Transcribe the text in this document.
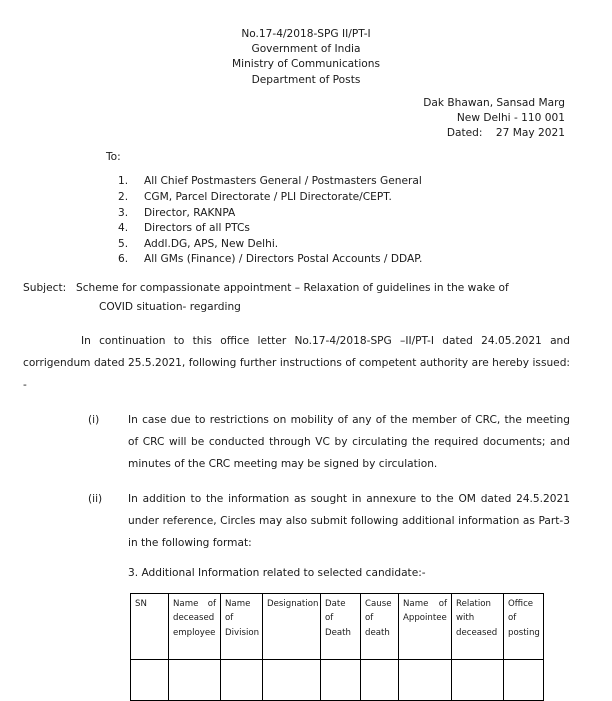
No.17-4/2018-SPG II/PT-I
Government of India
Ministry of Communications
Department of Posts
Dak Bhawan, Sansad Marg
New Delhi - 110 001
Dated:    27 May 2021
To:
1.	All Chief Postmasters General / Postmasters General
2.	CGM, Parcel Directorate / PLI Directorate/CEPT.
3.	Director, RAKNPA
4.	Directors of all PTCs
5.	Addl.DG, APS, New Delhi.
6.	All GMs (Finance) / Directors Postal Accounts / DDAP.
Subject: Scheme for compassionate appointment – Relaxation of guidelines in the wake of
COVID situation- regarding
In continuation to this office letter No.17-4/2018-SPG –II/PT-I dated 24.05.2021 and corrigendum dated 25.5.2021, following further instructions of competent authority are hereby issued: -
(i)	In case due to restrictions on mobility of any of the member of CRC, the meeting of CRC will be conducted through VC by circulating the required documents; and minutes of the CRC meeting may be signed by circulation.
(ii)	In addition to the information as sought in annexure to the OM dated 24.5.2021 under reference, Circles may also submit following additional information as Part-3 in the following format:
3. Additional Information related to selected candidate:-
SN	Name of deceased employee	Name of Division	Designation	Date of Death	Cause of death	Name of Appointee	Relation with deceased	Office of posting
